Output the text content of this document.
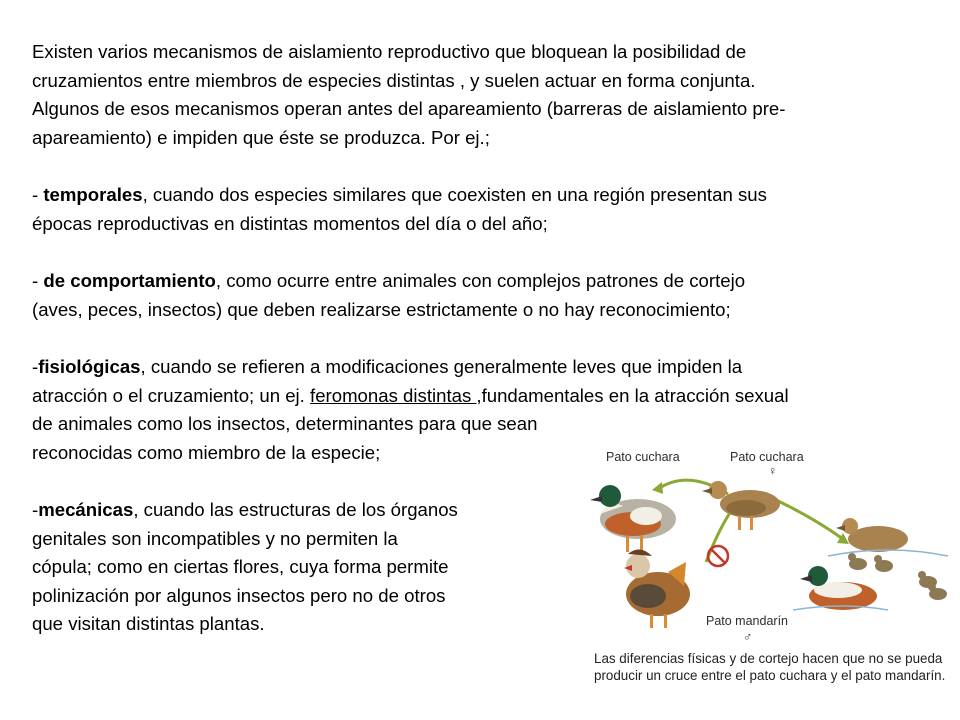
Existen varios mecanismos de aislamiento reproductivo que bloquean la posibilidad de
cruzamientos entre miembros de especies distintas , y suelen actuar en forma conjunta.
Algunos de esos mecanismos operan antes del apareamiento (barreras de aislamiento pre-
apareamiento) e impiden que éste se produzca. Por ej.;

- temporales, cuando dos especies similares que coexisten en una región presentan sus
épocas reproductivas en distintas momentos del día o del año;

- de comportamiento, como ocurre entre animales con complejos patrones de cortejo
(aves, peces, insectos) que deben realizarse estrictamente o no hay reconocimiento;

-fisiológicas, cuando se refieren a modificaciones generalmente leves que impiden la
atracción o el cruzamiento; un ej. feromonas distintas ,fundamentales en la atracción sexual
de animales como los insectos, determinantes para que sean
reconocidas como miembro de la especie;

-mecánicas, cuando las estructuras de los órganos
genitales son incompatibles y no permiten la
cópula; como en ciertas flores, cuya forma permite
polinización por algunos insectos pero no de otros
que visitan distintas plantas.

Pato cuchara	Pato cuchara
♀
Pato mandarín
♂
Las diferencias físicas y de cortejo hacen que no se pueda producir un cruce entre el pato cuchara y el pato mandarín.
